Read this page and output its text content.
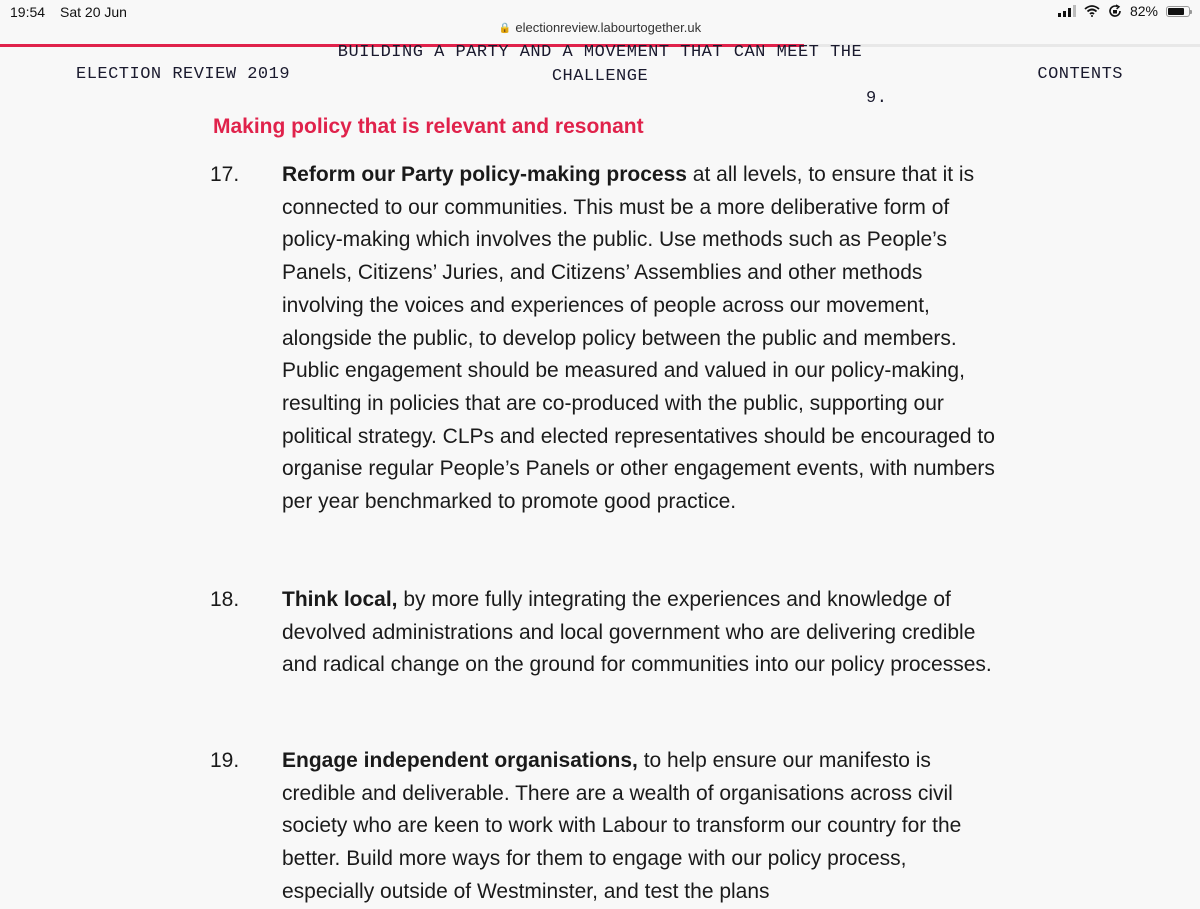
19:54 Sat 20 Jun	82%
🔒 electionreview.labourtogether.uk
ELECTION REVIEW 2019
BUILDING A PARTY AND A MOVEMENT THAT CAN MEET THE
CHALLENGE
9.
CONTENTS
Making policy that is relevant and resonant
17.	Reform our Party policy-making process at all levels, to ensure that it is connected to our communities. This must be a more deliberative form of policy-making which involves the public. Use methods such as People’s Panels, Citizens’ Juries, and Citizens’ Assemblies and other methods involving the voices and experiences of people across our movement, alongside the public, to develop policy between the public and members. Public engagement should be measured and valued in our policy-making, resulting in policies that are co-produced with the public, supporting our political strategy. CLPs and elected representatives should be encouraged to organise regular People’s Panels or other engagement events, with numbers per year benchmarked to promote good practice.
18.	Think local, by more fully integrating the experiences and knowledge of devolved administrations and local government who are delivering credible and radical change on the ground for communities into our policy processes.
19.	Engage independent organisations, to help ensure our manifesto is credible and deliverable. There are a wealth of organisations across civil society who are keen to work with Labour to transform our country for the better. Build more ways for them to engage with our policy process, especially outside of Westminster, and test the plans
